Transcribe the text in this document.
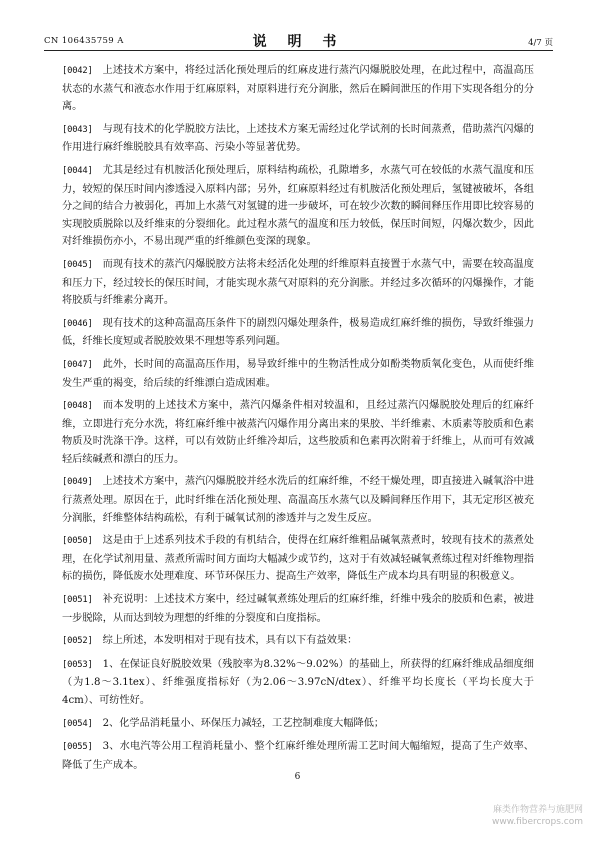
CN 106435759 A	说 明 书	4/7 页

[0042] 上述技术方案中，将经过活化预处理后的红麻皮进行蒸汽闪爆脱胶处理，在此过程中，高温高压状态的水蒸气和液态水作用于红麻原料，对原料进行充分润胀，然后在瞬间泄压的作用下实现各组分的分离。

[0043] 与现有技术的化学脱胶方法比，上述技术方案无需经过化学试剂的长时间蒸煮，借助蒸汽闪爆的作用进行麻纤维脱胶具有效率高、污染小等显著优势。

[0044] 尤其是经过有机胺活化预处理后，原料结构疏松，孔隙增多，水蒸气可在较低的水蒸气温度和压力，较短的保压时间内渗透浸入原料内部；另外，红麻原料经过有机胺活化预处理后，氢键被破坏，各组分之间的结合力被弱化，再加上水蒸气对氢键的进一步破坏，可在较少次数的瞬间释压作用即比较容易的实现胶质脱除以及纤维束的分裂细化。此过程水蒸气的温度和压力较低，保压时间短，闪爆次数少，因此对纤维损伤亦小，不易出现严重的纤维颜色变深的现象。

[0045] 而现有技术的蒸汽闪爆脱胶方法将未经活化处理的纤维原料直接置于水蒸气中，需要在较高温度和压力下，经过较长的保压时间，才能实现水蒸气对原料的充分润胀。并经过多次循环的闪爆操作，才能将胶质与纤维素分离开。

[0046] 现有技术的这种高温高压条件下的剧烈闪爆处理条件，极易造成红麻纤维的损伤，导致纤维强力低，纤维长度短或者脱胶效果不理想等系列问题。

[0047] 此外，长时间的高温高压作用，易导致纤维中的生物活性成分如酚类物质氧化变色，从而使纤维发生严重的褐变，给后续的纤维漂白造成困难。

[0048] 而本发明的上述技术方案中，蒸汽闪爆条件相对较温和，且经过蒸汽闪爆脱胶处理后的红麻纤维，立即进行充分水洗，将红麻纤维中被蒸汽闪爆作用分离出来的果胶、半纤维素、木质素等胶质和色素物质及时洗涤干净。这样，可以有效防止纤维冷却后，这些胶质和色素再次附着于纤维上，从而可有效减轻后续碱煮和漂白的压力。

[0049] 上述技术方案中，蒸汽闪爆脱胶并经水洗后的红麻纤维，不经干燥处理，即直接进入碱氧浴中进行蒸煮处理。原因在于，此时纤维在活化预处理、高温高压水蒸气以及瞬间释压作用下，其无定形区被充分润胀，纤维整体结构疏松，有利于碱氧试剂的渗透并与之发生反应。

[0050] 这是由于上述系列技术手段的有机结合，使得在红麻纤维粗品碱氧蒸煮时，较现有技术的蒸煮处理，在化学试剂用量、蒸煮所需时间方面均大幅减少或节约，这对于有效减轻碱氧煮练过程对纤维物理指标的损伤，降低废水处理难度、环节环保压力、提高生产效率，降低生产成本均具有明显的积极意义。

[0051] 补充说明：上述技术方案中，经过碱氧煮练处理后的红麻纤维，纤维中残余的胶质和色素，被进一步脱除，从而达到较为理想的纤维的分裂度和白度指标。

[0052] 综上所述，本发明相对于现有技术，具有以下有益效果：

[0053] 1、在保证良好脱胶效果（残胶率为8.32%～9.02%）的基础上，所获得的红麻纤维成品细度细（为1.8～3.1tex）、纤维强度指标好（为2.06～3.97cN/dtex）、纤维平均长度长（平均长度大于4cm）、可纺性好。

[0054] 2、化学品消耗量小、环保压力减轻，工艺控制难度大幅降低；

[0055] 3、水电汽等公用工程消耗量小、整个红麻纤维处理所需工艺时间大幅缩短，提高了生产效率、降低了生产成本。

6
麻类作物营养与施肥网
www.fibercrops.com
